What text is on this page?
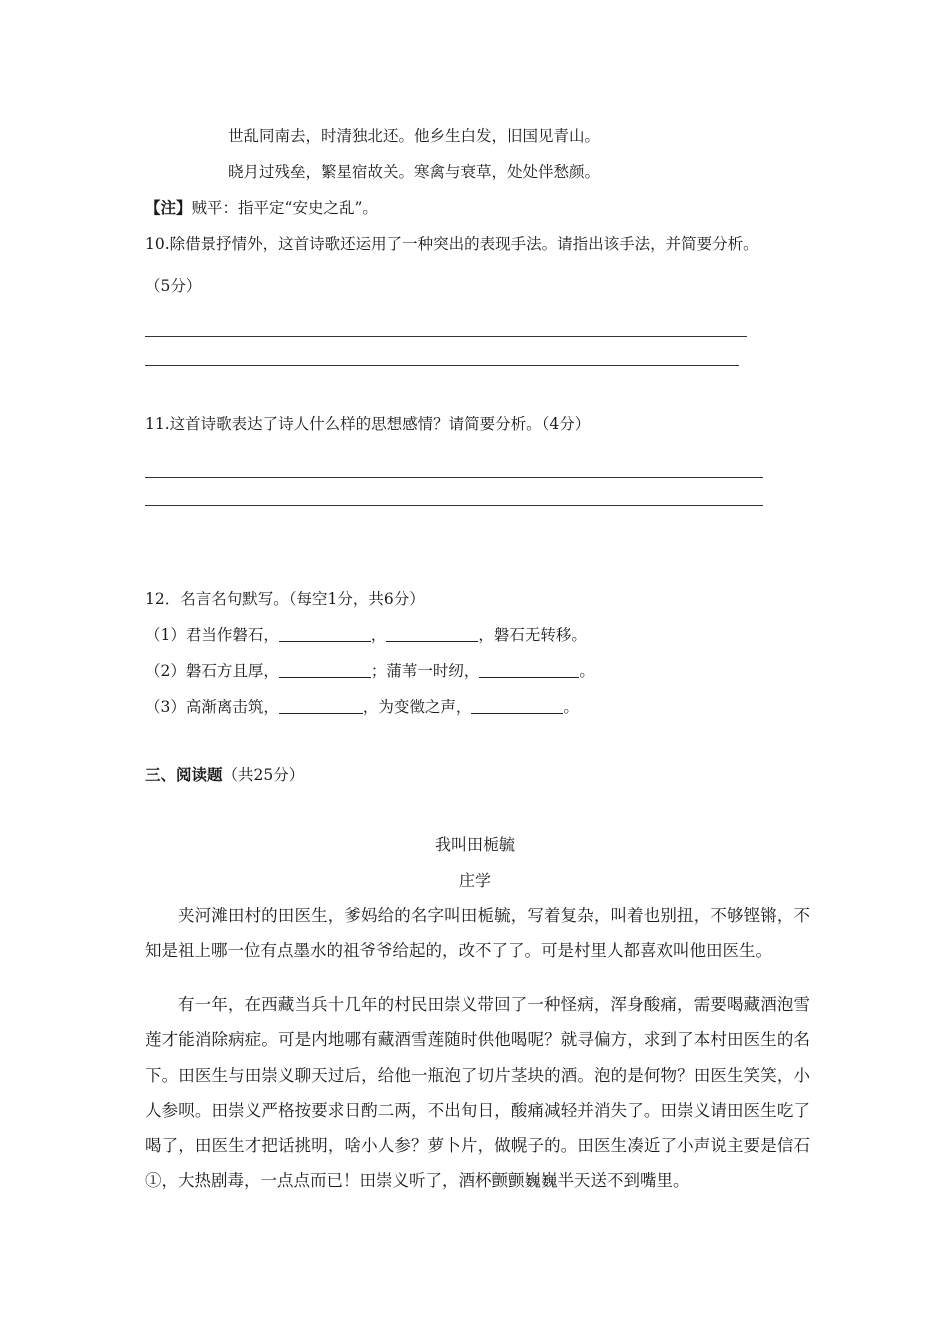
世乱同南去，时清独北还。他乡生白发，旧国见青山。
晓月过残垒，繁星宿故关。寒禽与衰草，处处伴愁颜。
【注】贼平：指平定“安史之乱”。
10.除借景抒情外，这首诗歌还运用了一种突出的表现手法。请指出该手法，并简要分析。
（5分）
11.这首诗歌表达了诗人什么样的思想感情？请简要分析。（4分）
12．名言名句默写。（每空1分，共6分）
（1）君当作磐石，	，	，磐石无转移。
（2）磐石方且厚，	；蒲苇一时纫，	。
（3）高渐离击筑，	，为变徵之声，	。
三、阅读题（共25分）
我叫田栀毓
庄学
夹河滩田村的田医生，爹妈给的名字叫田栀毓，写着复杂，叫着也别扭，不够铿锵，不知是祖上哪一位有点墨水的祖爷爷给起的，改不了了。可是村里人都喜欢叫他田医生。
有一年，在西藏当兵十几年的村民田崇义带回了一种怪病，浑身酸痛，需要喝藏酒泡雪莲才能消除病症。可是内地哪有藏酒雪莲随时供他喝呢？就寻偏方，求到了本村田医生的名下。田医生与田崇义聊天过后，给他一瓶泡了切片茎块的酒。泡的是何物？田医生笑笑，小人参呗。田崇义严格按要求日酌二两，不出旬日，酸痛减轻并消失了。田崇义请田医生吃了喝了，田医生才把话挑明，啥小人参？萝卜片，做幌子的。田医生凑近了小声说主要是信石①，大热剧毒，一点点而已！田崇义听了，酒杯颤颤巍巍半天送不到嘴里。
